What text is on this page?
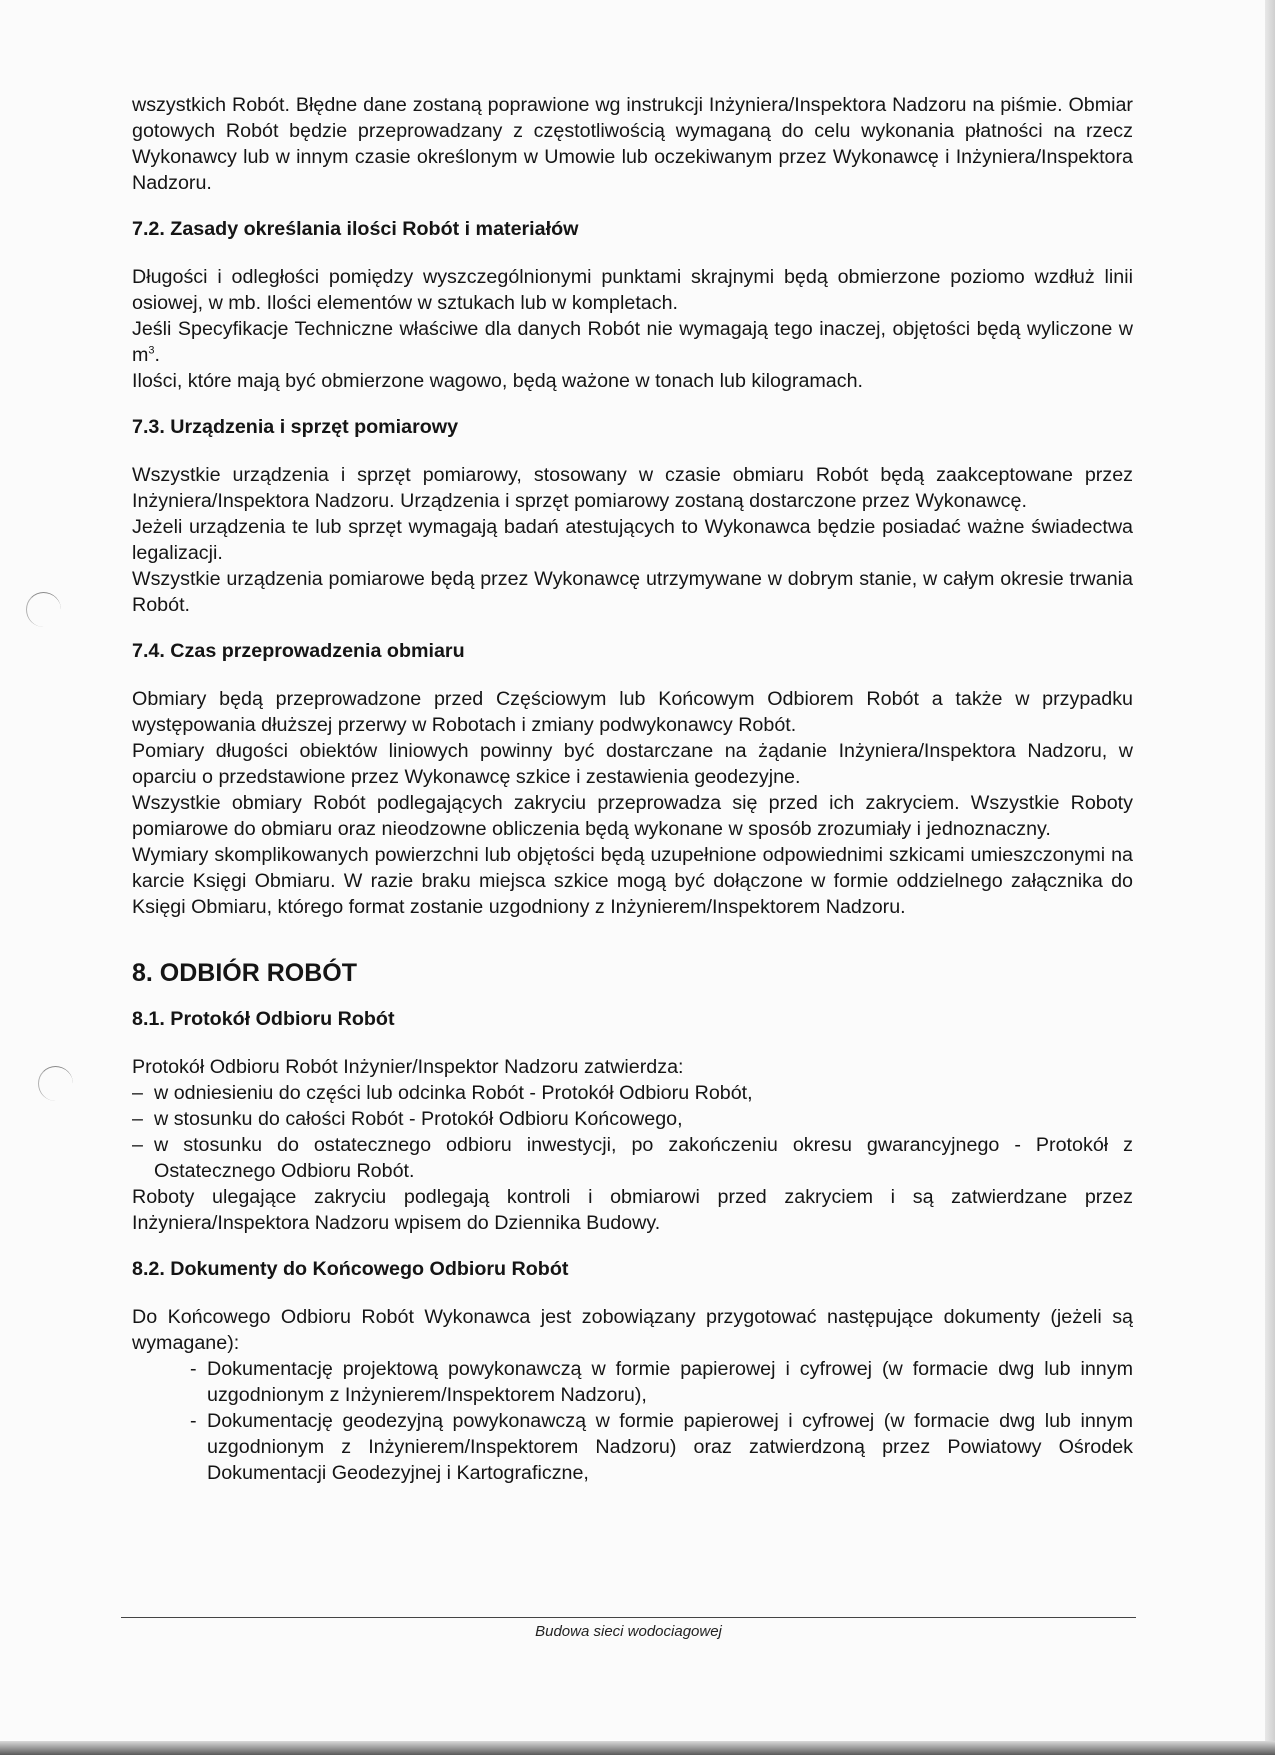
wszystkich Robót. Błędne dane zostaną poprawione wg instrukcji Inżyniera/Inspektora Nadzoru na piśmie. Obmiar gotowych Robót będzie przeprowadzany z częstotliwością wymaganą do celu wykonania płatności na rzecz Wykonawcy lub w innym czasie określonym w Umowie lub oczekiwanym przez Wykonawcę i Inżyniera/Inspektora Nadzoru.

7.2. Zasady określania ilości Robót i materiałów

Długości i odległości pomiędzy wyszczególnionymi punktami skrajnymi będą obmierzone poziomo wzdłuż linii osiowej, w mb. Ilości elementów w sztukach lub w kompletach.

Jeśli Specyfikacje Techniczne właściwe dla danych Robót nie wymagają tego inaczej, objętości będą wyliczone w $m^3$.

Ilości, które mają być obmierzone wagowo, będą ważone w tonach lub kilogramach.

7.3. Urządzenia i sprzęt pomiarowy

Wszystkie urządzenia i sprzęt pomiarowy, stosowany w czasie obmiaru Robót będą zaakceptowane przez Inżyniera/Inspektora Nadzoru. Urządzenia i sprzęt pomiarowy zostaną dostarczone przez Wykonawcę.

Jeżeli urządzenia te lub sprzęt wymagają badań atestujących to Wykonawca będzie posiadać ważne świadectwa legalizacji.

Wszystkie urządzenia pomiarowe będą przez Wykonawcę utrzymywane w dobrym stanie, w całym okresie trwania Robót.

7.4. Czas przeprowadzenia obmiaru

Obmiary będą przeprowadzone przed Częściowym lub Końcowym Odbiorem Robót a także w przypadku występowania dłuższej przerwy w Robotach i zmiany podwykonawcy Robót.

Pomiary długości obiektów liniowych powinny być dostarczane na żądanie Inżyniera/Inspektora Nadzoru, w oparciu o przedstawione przez Wykonawcę szkice i zestawienia geodezyjne.

Wszystkie obmiary Robót podlegających zakryciu przeprowadza się przed ich zakryciem. Wszystkie Roboty pomiarowe do obmiaru oraz nieodzowne obliczenia będą wykonane w sposób zrozumiały i jednoznaczny.

Wymiary skomplikowanych powierzchni lub objętości będą uzupełnione odpowiednimi szkicami umieszczonymi na karcie Księgi Obmiaru. W razie braku miejsca szkice mogą być dołączone w formie oddzielnego załącznika do Księgi Obmiaru, którego format zostanie uzgodniony z Inżynierem/Inspektorem Nadzoru.

8. ODBIÓR ROBÓT
8.1. Protokół Odbioru Robót

Protokół Odbioru Robót Inżynier/Inspektor Nadzoru zatwierdza:

– w odniesieniu do części lub odcinka Robót - Protokół Odbioru Robót,

– w stosunku do całości Robót - Protokół Odbioru Końcowego,

– w stosunku do ostatecznego odbioru inwestycji, po zakończeniu okresu gwarancyjnego - Protokół z Ostatecznego Odbioru Robót.

Roboty ulegające zakryciu podlegają kontroli i obmiarowi przed zakryciem i są zatwierdzane przez Inżyniera/Inspektora Nadzoru wpisem do Dziennika Budowy.

8.2. Dokumenty do Końcowego Odbioru Robót

Do Końcowego Odbioru Robót Wykonawca jest zobowiązany przygotować następujące dokumenty (jeżeli są wymagane):

- Dokumentację projektową powykonawczą w formie papierowej i cyfrowej (w formacie dwg lub innym uzgodnionym z Inżynierem/Inspektorem Nadzoru),

- Dokumentację geodezyjną powykonawczą w formie papierowej i cyfrowej (w formacie dwg lub innym uzgodnionym z Inżynierem/Inspektorem Nadzoru) oraz zatwierdzoną przez Powiatowy Ośrodek Dokumentacji Geodezyjnej i Kartograficzne,

Budowa sieci wodociagowej
